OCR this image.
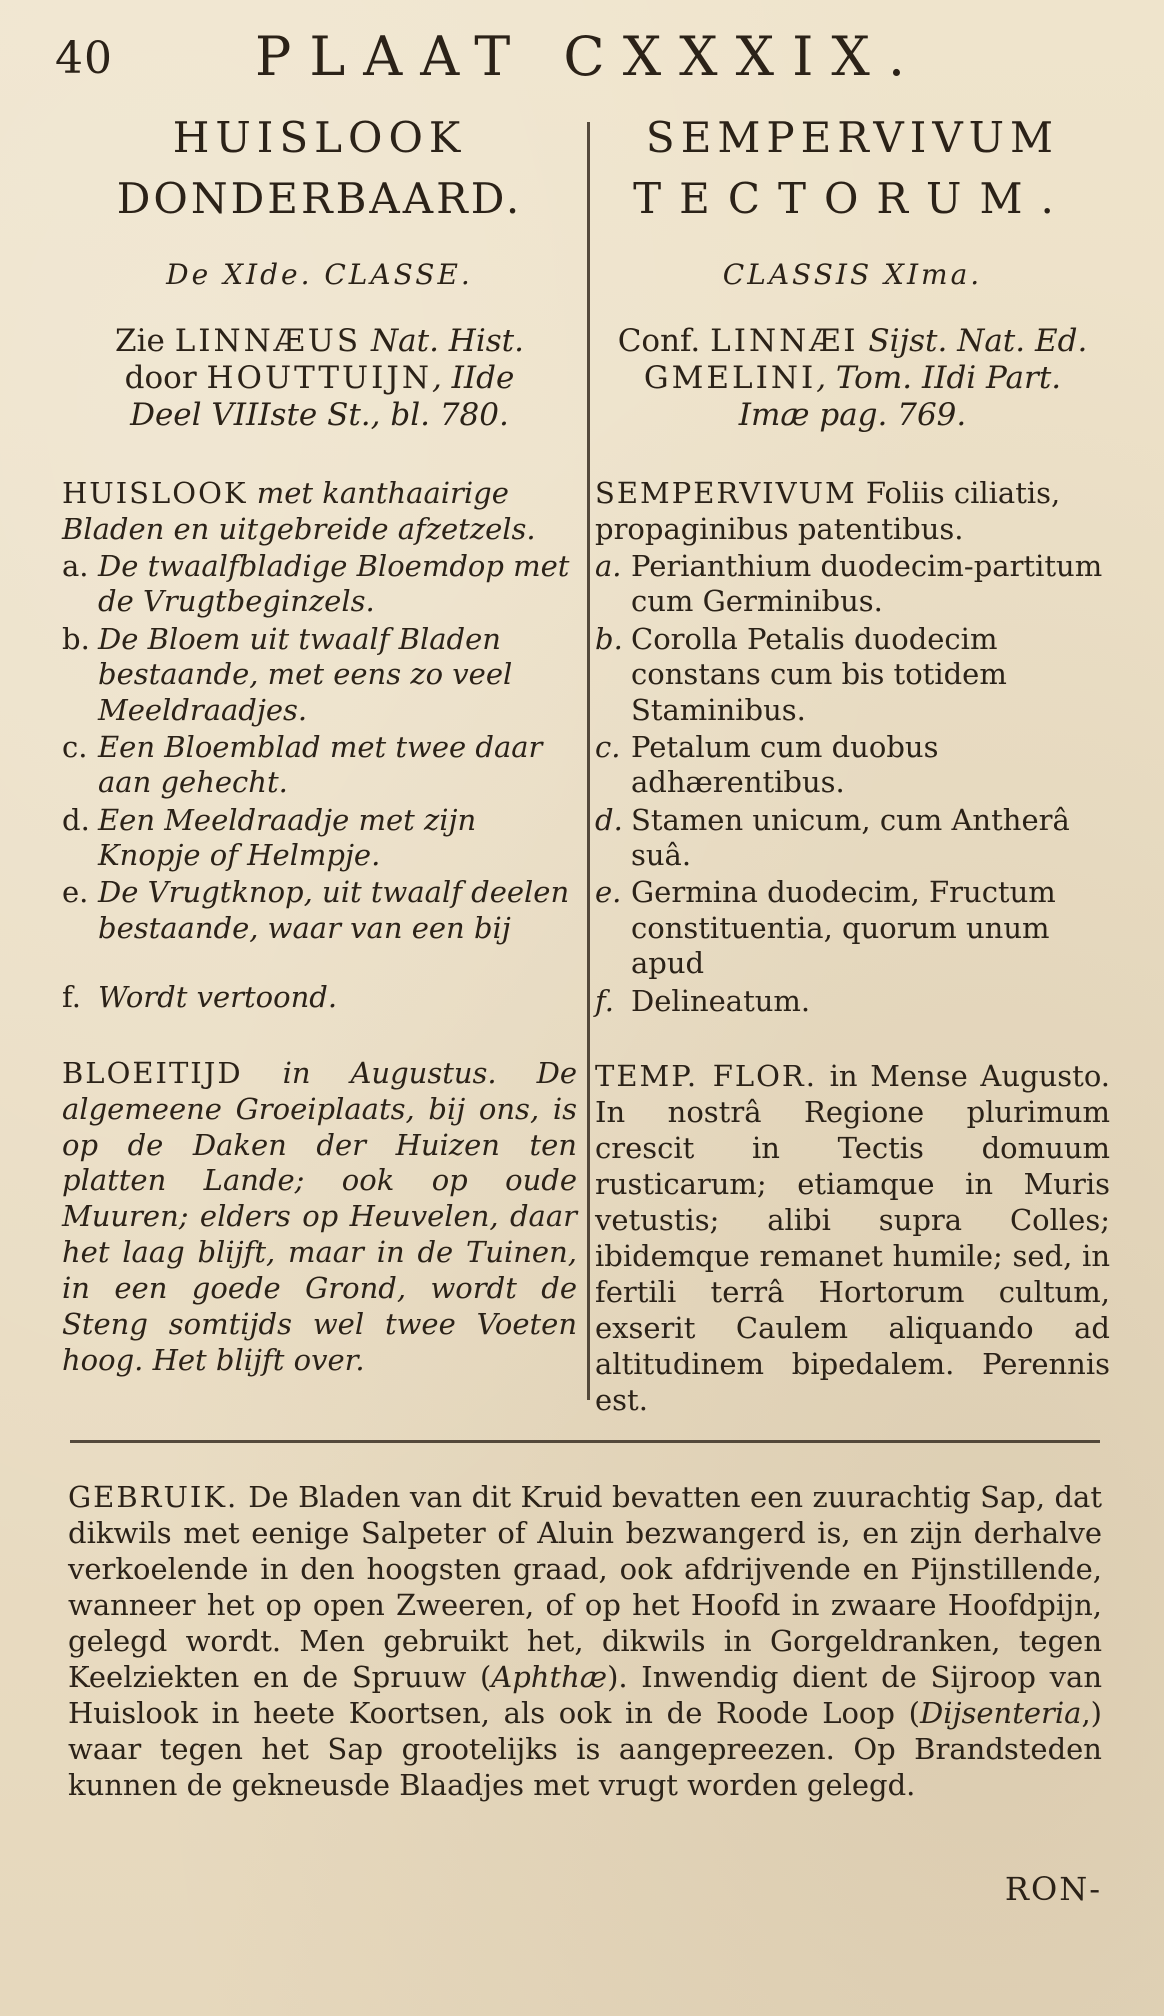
40	PLAAT CXXXIX.
HUISLOOK
DONDERBAARD.
De XIde. CLASSE.
Zie LINNÆUS Nat. Hist.
door HOUTTUIJN, IIde
Deel VIIIste St., bl. 780.
HUISLOOK met kanthaairige Bladen en uitgebreide afzetzels.
a. De twaalfbladige Bloemdop met de Vrugtbeginzels.
b. De Bloem uit twaalf Bladen bestaande, met eens zo veel Meeldraadjes.
c. Een Bloemblad met twee daar aan gehecht.
d. Een Meeldraadje met zijn Knopje of Helmpje.
e. De Vrugtknop, uit twaalf deelen bestaande, waar van een bij
f. Wordt vertoond.
BLOEITIJD in Augustus. De algemeene Groeiplaats, bij ons, is op de Daken der Huizen ten platten Lande; ook op oude Muuren; elders op Heuvelen, daar het laag blijft, maar in de Tuinen, in een goede Grond, wordt de Steng somtijds wel twee Voeten hoog. Het blijft over.
SEMPERVIVUM
TECTORUM.
CLASSIS XIma.
Conf. LINNÆI Sijst. Nat. Ed.
GMELINI, Tom. IIdi Part.
Imæ pag. 769.
SEMPERVIVUM Foliis ciliatis, propaginibus patentibus.
a. Perianthium duodecim-partitum cum Germinibus.
b. Corolla Petalis duodecim constans cum bis totidem Staminibus.
c. Petalum cum duobus adhærentibus.
d. Stamen unicum, cum Antherâ suâ.
e. Germina duodecim, Fructum constituentia, quorum unum apud
f. Delineatum.
TEMP. FLOR. in Mense Augusto. In nostrâ Regione plurimum crescit in Tectis domuum rusticarum; etiamque in Muris vetustis; alibi supra Colles; ibidemque remanet humile; sed, in fertili terrâ Hortorum cultum, exserit Caulem aliquando ad altitudinem bipedalem. Perennis est.
GEBRUIK. De Bladen van dit Kruid bevatten een zuurachtig Sap, dat dikwils met eenige Salpeter of Aluin bezwangerd is, en zijn derhalve verkoelende in den hoogsten graad, ook afdrijvende en Pijnstillende, wanneer het op open Zweeren, of op het Hoofd in zwaare Hoofdpijn, gelegd wordt. Men gebruikt het, dikwils in Gorgeldranken, tegen Keelziekten en de Spruuw (Aphthæ). Inwendig dient de Sijroop van Huislook in heete Koortsen, als ook in de Roode Loop (Dijsenteria,) waar tegen het Sap grootelijks is aangepreezen. Op Brandsteden kunnen de gekneusde Blaadjes met vrugt worden gelegd.
RON-
